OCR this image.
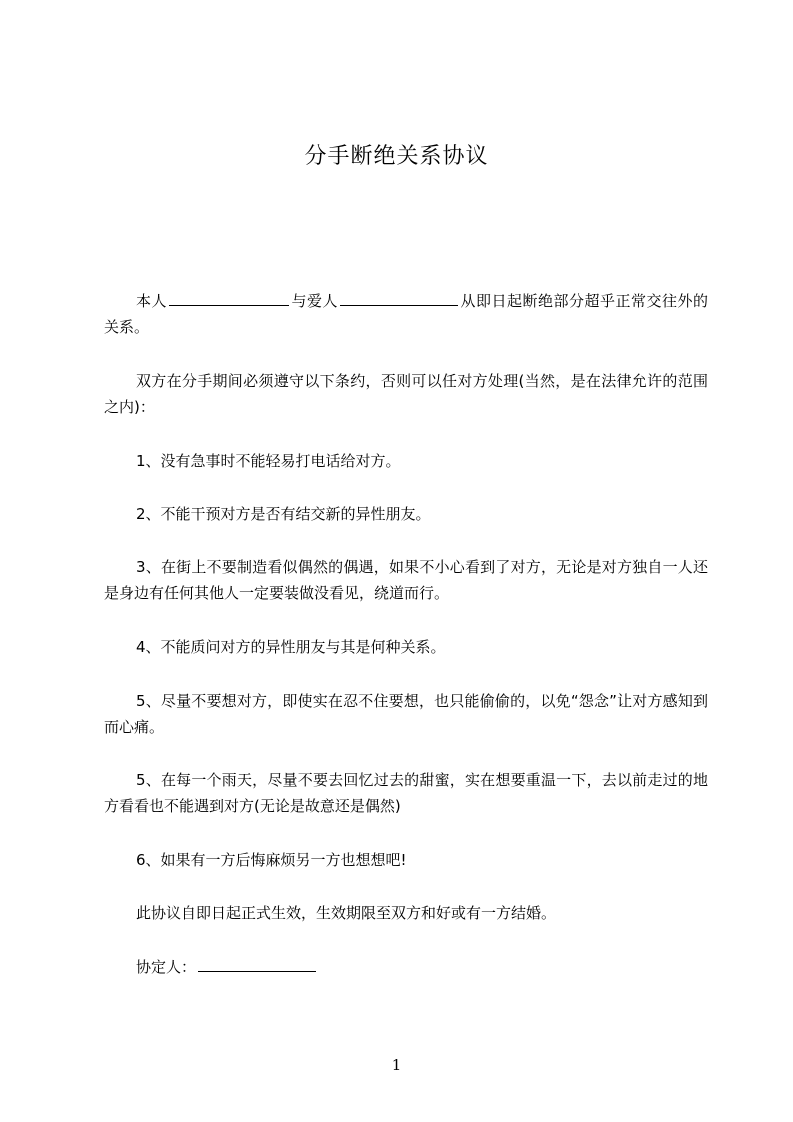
分手断绝关系协议

本人	与爱人	从即日起断绝部分超乎正常交往外的关系。

双方在分手期间必须遵守以下条约，否则可以任对方处理(当然，是在法律允许的范围之内)：

1、没有急事时不能轻易打电话给对方。

2、不能干预对方是否有结交新的异性朋友。

3、在街上不要制造看似偶然的偶遇，如果不小心看到了对方，无论是对方独自一人还是身边有任何其他人一定要装做没看见，绕道而行。

4、不能质问对方的异性朋友与其是何种关系。

5、尽量不要想对方，即使实在忍不住要想，也只能偷偷的，以免“怨念”让对方感知到而心痛。

5、在每一个雨天，尽量不要去回忆过去的甜蜜，实在想要重温一下，去以前走过的地方看看也不能遇到对方(无论是故意还是偶然)

6、如果有一方后悔麻烦另一方也想想吧!

此协议自即日起正式生效，生效期限至双方和好或有一方结婚。

协定人：

1
